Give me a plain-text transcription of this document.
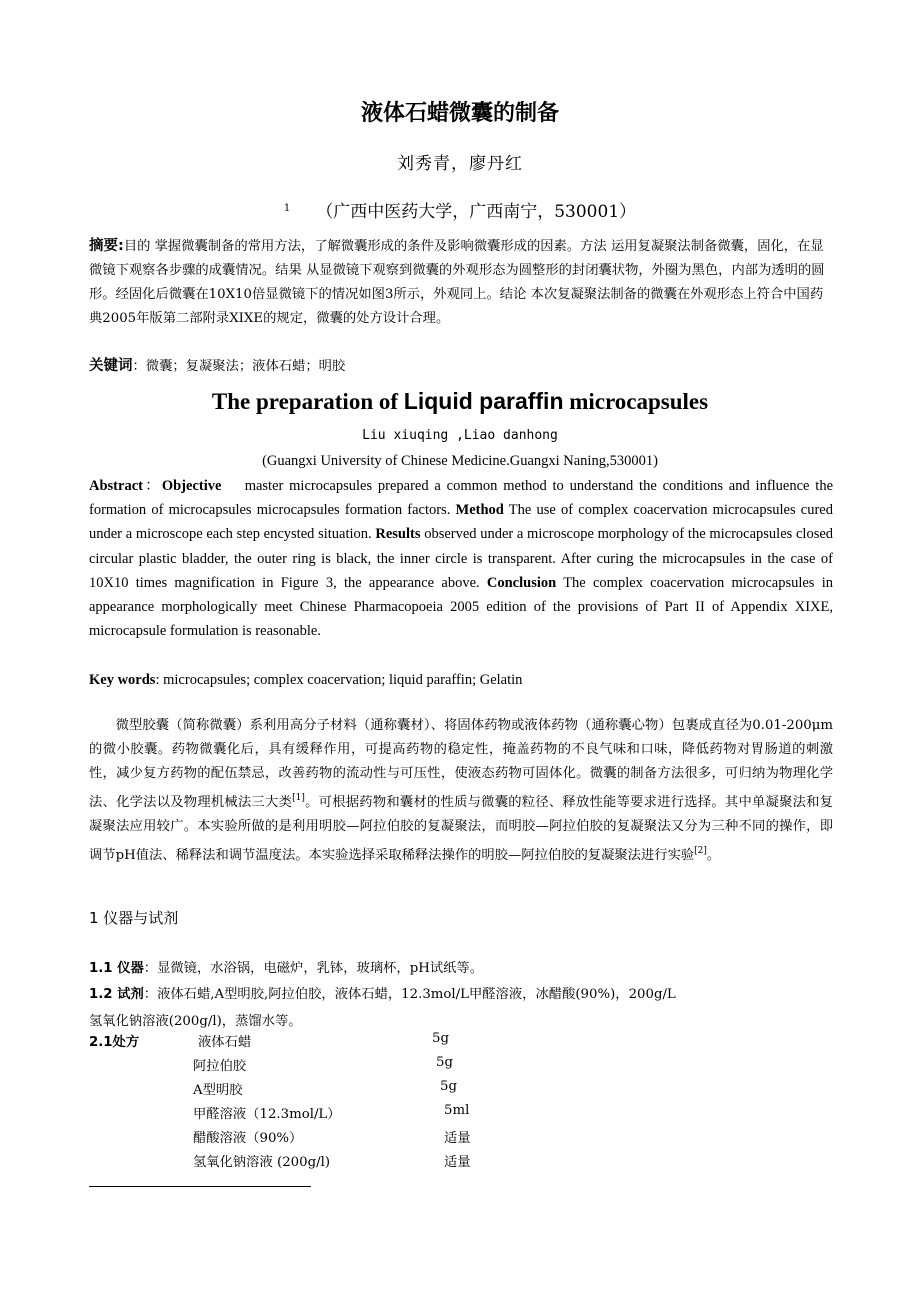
液体石蜡微囊的制备
刘秀青，廖丹红
$^1$ （广西中医药大学，广西南宁，530001）
摘要:目的 掌握微囊制备的常用方法，了解微囊形成的条件及影响微囊形成的因素。方法 运用复凝聚法制备微囊，固化，在显微镜下观察各步骤的成囊情况。结果 从显微镜下观察到微囊的外观形态为圆整形的封闭囊状物，外圈为黑色，内部为透明的圆形。经固化后微囊在10X10倍显微镜下的情况如图3所示，外观同上。结论 本次复凝聚法制备的微囊在外观形态上符合中国药典2005年版第二部附录XIXE的规定，微囊的处方设计合理。
关键词：微囊；复凝聚法；液体石蜡；明胶
The preparation of Liquid paraffin microcapsules
Liu xiuqing ,Liao danhong
(Guangxi University of Chinese Medicine.Guangxi Naning,530001)
Abstract：Objective master microcapsules prepared a common method to understand the conditions and influence the formation of microcapsules microcapsules formation factors. Method The use of complex coacervation microcapsules cured under a microscope each step encysted situation. Results observed under a microscope morphology of the microcapsules closed circular plastic bladder, the outer ring is black, the inner circle is transparent. After curing the microcapsules in the case of 10X10 times magnification in Figure 3, the appearance above. Conclusion The complex coacervation microcapsules in appearance morphologically meet Chinese Pharmacopoeia 2005 edition of the provisions of Part II of Appendix XIXE, microcapsule formulation is reasonable.
Key words: microcapsules; complex coacervation; liquid paraffin; Gelatin
微型胶囊（简称微囊）系利用高分子材料（通称囊材）、将固体药物或液体药物（通称囊心物）包裹成直径为0.01-200μm的微小胶囊。药物微囊化后，具有缓释作用，可提高药物的稳定性，掩盖药物的不良气味和口味，降低药物对胃肠道的刺激性，减少复方药物的配伍禁忌，改善药物的流动性与可压性，使液态药物可固体化。微囊的制备方法很多，可归纳为物理化学法、化学法以及物理机械法三大类[1]。可根据药物和囊材的性质与微囊的粒径、释放性能等要求进行选择。其中单凝聚法和复凝聚法应用较广。本实验所做的是利用明胶—阿拉伯胶的复凝聚法，而明胶—阿拉伯胶的复凝聚法又分为三种不同的操作，即调节pH值法、稀释法和调节温度法。本实验选择采取稀释法操作的明胶—阿拉伯胶的复凝聚法进行实验[2]。
1 仪器与试剂
1.1 仪器：显微镜，水浴锅，电磁炉，乳钵，玻璃杯，pH试纸等。
1.2 试剂：液体石蜡,A型明胶,阿拉伯胶，液体石蜡，12.3mol/L甲醛溶液，冰醋酸(90%)，200g/L
氢氧化钠溶液(200g/l)，蒸馏水等。
2.1处方	液体石蜡	5g
阿拉伯胶	5g
A型明胶	5g
甲醛溶液（12.3mol/L）	5ml
醋酸溶液（90%）	适量
氢氧化钠溶液 (200g/l)	适量
